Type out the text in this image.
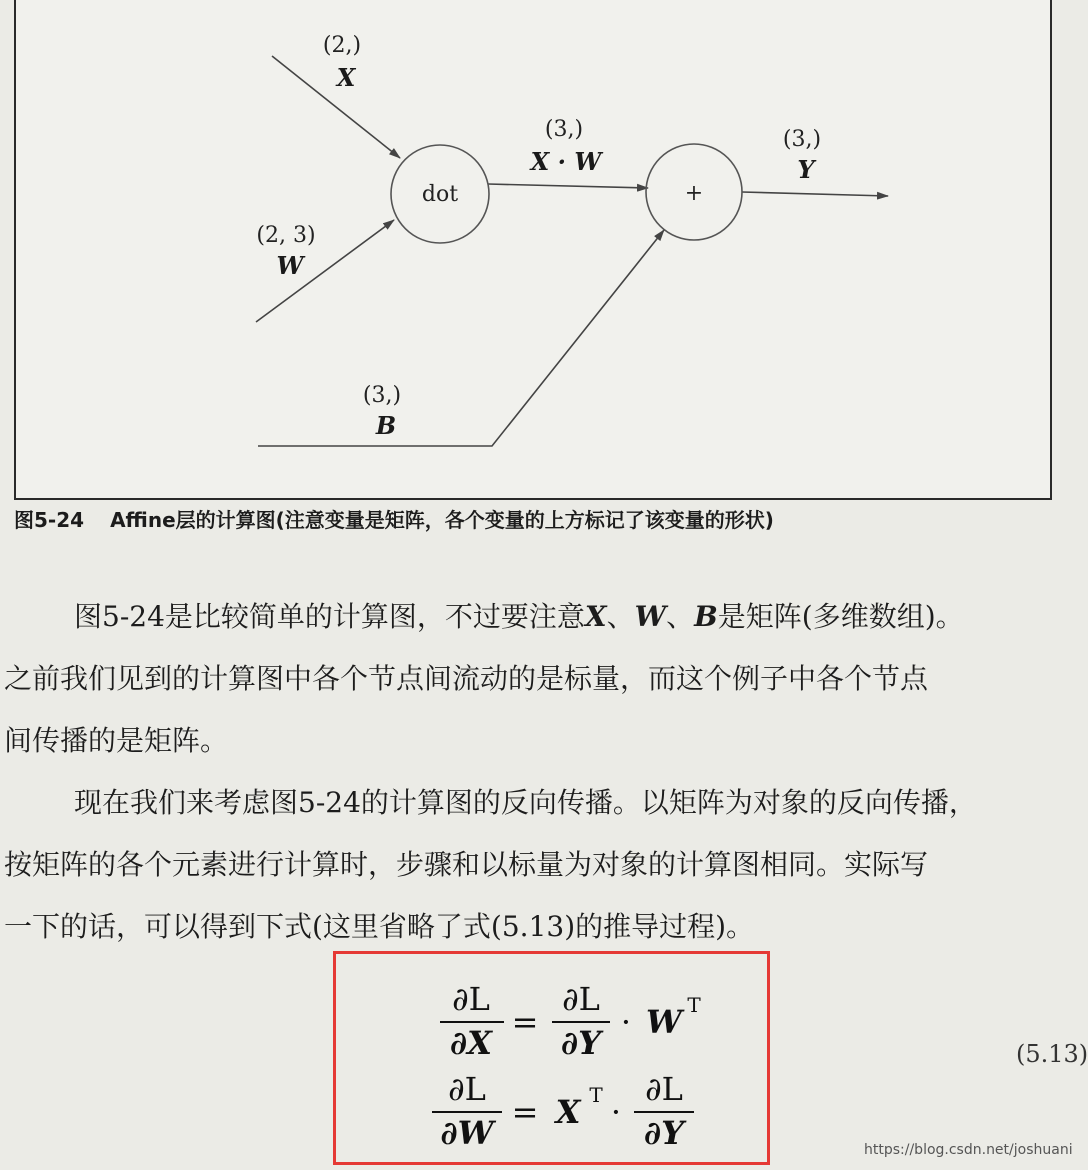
dot	+
(2,)
X
(2, 3)
W
(3,)
B
(3,)
X · W
(3,)
Y
图5-24 Affine层的计算图(注意变量是矩阵，各个变量的上方标记了该变量的形状)
图5-24是比较简单的计算图，不过要注意X、W、B是矩阵(多维数组)。
之前我们见到的计算图中各个节点间流动的是标量，而这个例子中各个节点
间传播的是矩阵。
现在我们来考虑图5-24的计算图的反向传播。以矩阵为对象的反向传播，
按矩阵的各个元素进行计算时，步骤和以标量为对象的计算图相同。实际写
一下的话，可以得到下式(这里省略了式(5.13)的推导过程)。
∂L
∂X
=
∂L
∂Y
· W T
∂L
∂W
= X T ·
∂L
∂Y
(5.13)
https://blog.csdn.net/joshuani
